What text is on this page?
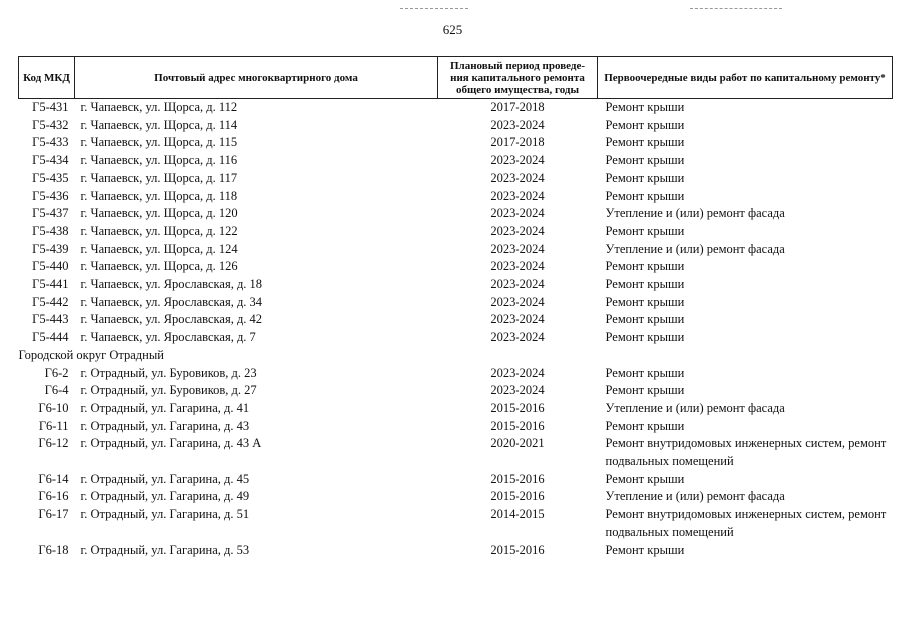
625
Код МКД	Почтовый адрес многоквартирного дома	Плановый период проведе-ния капитального ремонта общего имущества, годы	Первоочередные виды работ по капитальному ремонту*
Г5-431	г. Чапаевск, ул. Щорса, д. 112	2017-2018	Ремонт крыши
Г5-432	г. Чапаевск, ул. Щорса, д. 114	2023-2024	Ремонт крыши
Г5-433	г. Чапаевск, ул. Щорса, д. 115	2017-2018	Ремонт крыши
Г5-434	г. Чапаевск, ул. Щорса, д. 116	2023-2024	Ремонт крыши
Г5-435	г. Чапаевск, ул. Щорса, д. 117	2023-2024	Ремонт крыши
Г5-436	г. Чапаевск, ул. Щорса, д. 118	2023-2024	Ремонт крыши
Г5-437	г. Чапаевск, ул. Щорса, д. 120	2023-2024	Утепление и (или) ремонт фасада
Г5-438	г. Чапаевск, ул. Щорса, д. 122	2023-2024	Ремонт крыши
Г5-439	г. Чапаевск, ул. Щорса, д. 124	2023-2024	Утепление и (или) ремонт фасада
Г5-440	г. Чапаевск, ул. Щорса, д. 126	2023-2024	Ремонт крыши
Г5-441	г. Чапаевск, ул. Ярославская, д. 18	2023-2024	Ремонт крыши
Г5-442	г. Чапаевск, ул. Ярославская, д. 34	2023-2024	Ремонт крыши
Г5-443	г. Чапаевск, ул. Ярославская, д. 42	2023-2024	Ремонт крыши
Г5-444	г. Чапаевск, ул. Ярославская, д. 7	2023-2024	Ремонт крыши
Городской округ Отрадный			
Г6-2	г. Отрадный, ул. Буровиков, д. 23	2023-2024	Ремонт крыши
Г6-4	г. Отрадный, ул. Буровиков, д. 27	2023-2024	Ремонт крыши
Г6-10	г. Отрадный, ул. Гагарина, д. 41	2015-2016	Утепление и (или) ремонт фасада
Г6-11	г. Отрадный, ул. Гагарина, д. 43	2015-2016	Ремонт крыши
Г6-12	г. Отрадный, ул. Гагарина, д. 43 А	2020-2021	Ремонт внутридомовых инженерных систем, ремонт подвальных помещений
Г6-14	г. Отрадный, ул. Гагарина, д. 45	2015-2016	Ремонт крыши
Г6-16	г. Отрадный, ул. Гагарина, д. 49	2015-2016	Утепление и (или) ремонт фасада
Г6-17	г. Отрадный, ул. Гагарина, д. 51	2014-2015	Ремонт внутридомовых инженерных систем, ремонт подвальных помещений
Г6-18	г. Отрадный, ул. Гагарина, д. 53	2015-2016	Ремонт крыши
